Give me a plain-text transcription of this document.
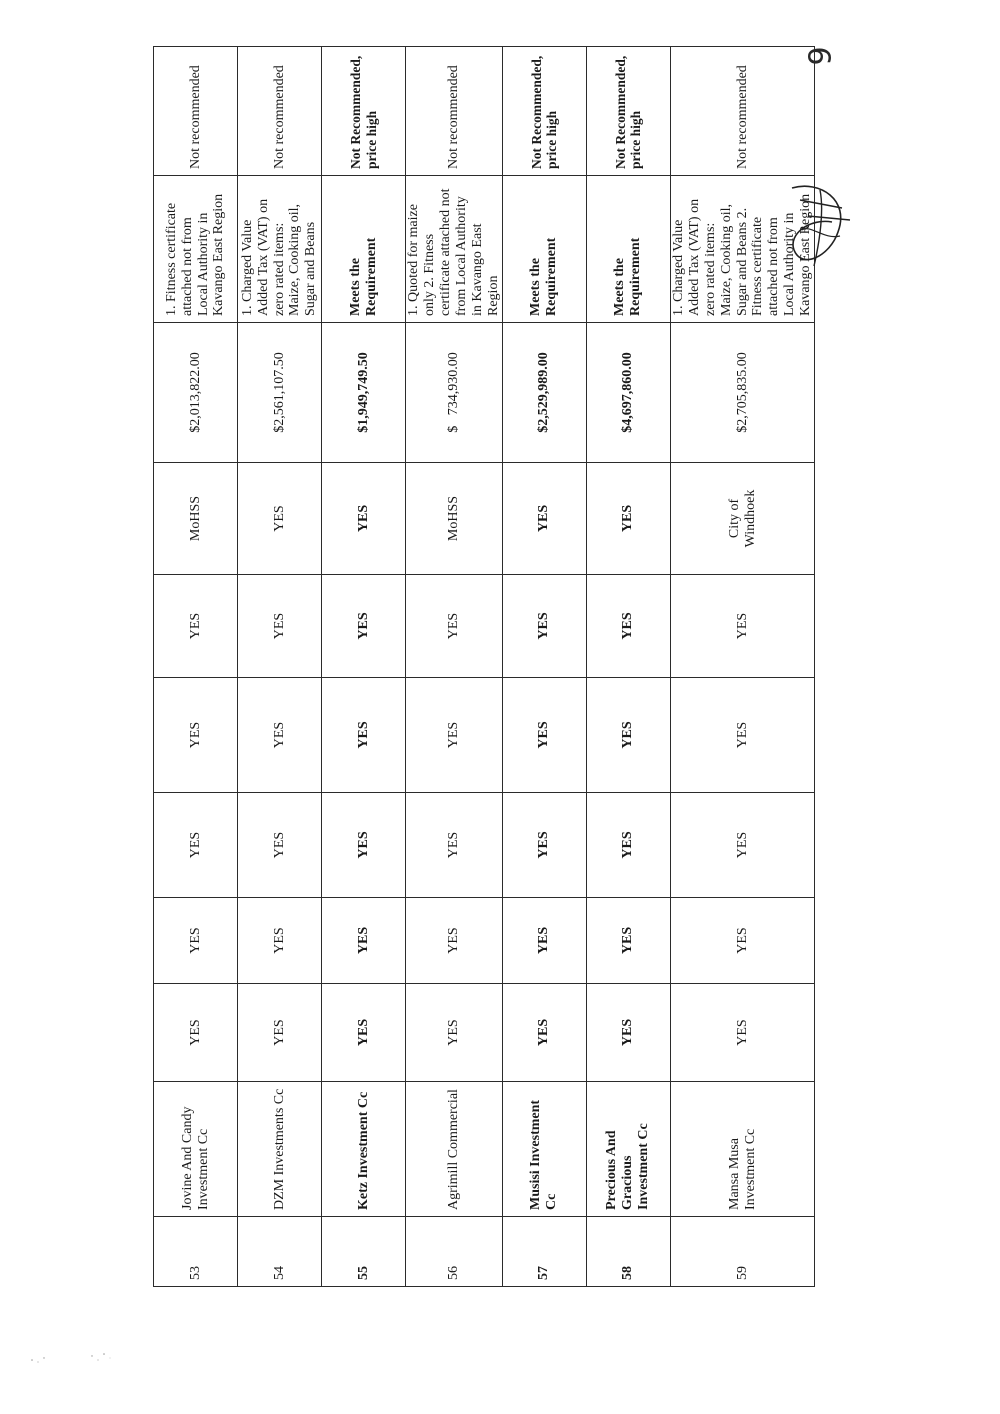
53	Jovine And Candy Investment Cc	YES	YES	YES	YES	YES	MoHSS	$2,013,822.00	1. Fitness certificate attached not from Local Authority in Kavango East Region	Not recommended
54	DZM Investments Cc	YES	YES	YES	YES	YES	YES	$2,561,107.50	1. Charged Value Added Tax (VAT) on zero rated items: Maize, Cooking oil, Sugar and Beans	Not recommended
55	Ketz Investment Cc	YES	YES	YES	YES	YES	YES	$1,949,749.50	Meets the Requirement	Not Recommended, price high
56	Agrimill Commercial	YES	YES	YES	YES	YES	MoHSS	$   734,930.00	1. Quoted for maize only 2. Fitness certificate attached not from Local Authority in Kavango East Region	Not recommended
57	Musisi Investment Cc	YES	YES	YES	YES	YES	YES	$2,529,989.00	Meets the Requirement	Not Recommended, price high
58	Precious And Gracious Investment Cc	YES	YES	YES	YES	YES	YES	$4,697,860.00	Meets the Requirement	Not Recommended, price high
59	Mansa Musa Investment Cc	YES	YES	YES	YES	YES	City of Windhoek	$2,705,835.00	1. Charged Value Added Tax (VAT) on zero rated items: Maize, Cooking oil, Sugar and Beans 2. Fitness certificate attached not from Local Authority in Kavango East Region	Not recommended
9
